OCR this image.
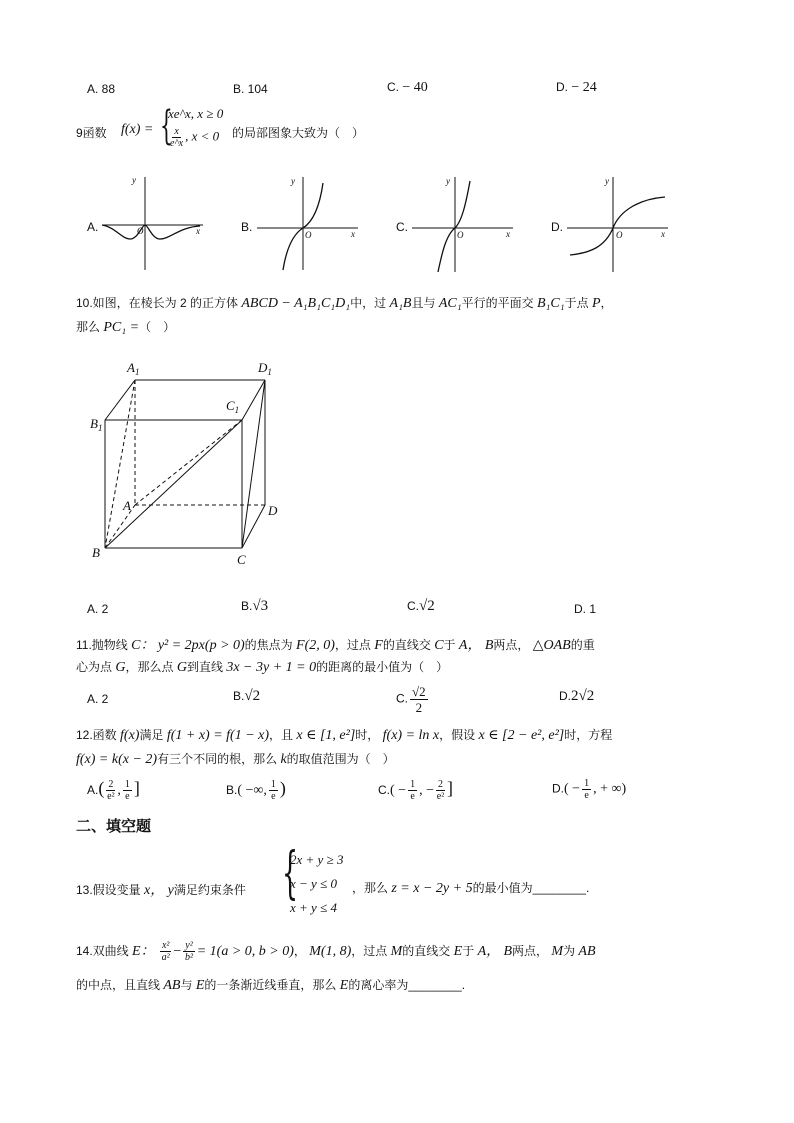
A. 88	B. 104	C. − 40	D. − 24
9函数 f(x) = {
xe^x, x ≥ 0
$\frac{x}{e\^{}x}$ , x < 0 的局部图象大致为（　）
A.
y
x
O	B.
y
x
O
C.
y
x
O
D.
y
x
O
10.如图，在棱长为 2 的正方体 ABCD − A₁B₁C₁D₁中，过 A₁B且与 AC₁平行的平面交 B₁C₁于点 P，
那么 PC₁ =（　）
$A_1$	$D_1$
$B_1$
$C_1$
A	D
B	C
A. 2	B.√3	C.√2	D. 1
11.抛物线 C： y² = 2px(p > 0)的焦点为 F(2, 0)，过点 F的直线交 C于 A， B两点， △OAB的重
心为点 G，那么点 G到直线 3x − 3y + 1 = 0的距离的最小值为（　）
A. 2	B.√2	C. $\frac{√2}{2}$	D.2√2
12.函数 f(x)满足 f(1 + x) = f(1 − x)，且 x ∈ [1, e²]时， f(x) = ln x，假设 x ∈ [2 − e², e²]时，方程
f(x) = k(x − 2)有三个不同的根，那么 k的取值范围为（　）
$A.( \frac{2}{\text{e²}}$ , $\frac{1}{e}$ ]	B.( −∞, $\frac{1}{e}$ )	$C.( - \frac{1}{e}$ , − $\frac{2}{\text{e²}}$ ]	$D.( - \frac{1}{e}$ , + ∞)
二、填空题
13.假设变量 x， y满足约束条件 {
2x + y ≥ 3
x − y ≤ 0
x + y ≤ 4
，那么 z = x − 2y + 5的最小值为________.
14.双曲线 E： $\frac{\text{x²}}{\text{a²}} - \frac{\text{y²}}{\text{b²}} = 1(a > 0$, b > 0)， M(1, 8)，过点 M的直线交 E于 A， B两点， M为 AB
的中点，且直线 AB与 E的一条渐近线垂直，那么 E的离心率为________.
